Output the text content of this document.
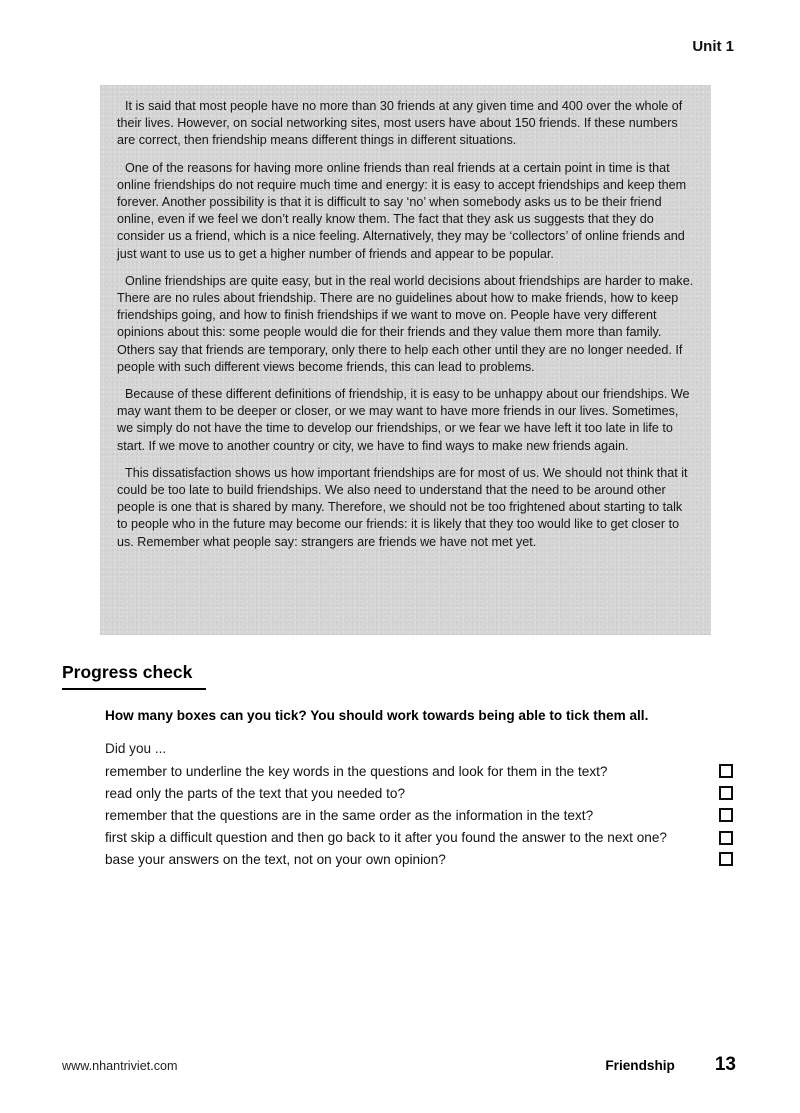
Unit 1

It is said that most people have no more than 30 friends at any given time and 400 over the whole of their lives. However, on social networking sites, most users have about 150 friends. If these numbers are correct, then friendship means different things in different situations.

One of the reasons for having more online friends than real friends at a certain point in time is that online friendships do not require much time and energy: it is easy to accept friendships and keep them forever. Another possibility is that it is difficult to say ‘no’ when somebody asks us to be their friend online, even if we feel we don’t really know them. The fact that they ask us suggests that they do consider us a friend, which is a nice feeling. Alternatively, they may be ‘collectors’ of online friends and just want to use us to get a higher number of friends and appear to be popular.

Online friendships are quite easy, but in the real world decisions about friendships are harder to make. There are no rules about friendship. There are no guidelines about how to make friends, how to keep friendships going, and how to finish friendships if we want to move on. People have very different opinions about this: some people would die for their friends and they value them more than family. Others say that friends are temporary, only there to help each other until they are no longer needed. If people with such different views become friends, this can lead to problems.

Because of these different definitions of friendship, it is easy to be unhappy about our friendships. We may want them to be deeper or closer, or we may want to have more friends in our lives. Sometimes, we simply do not have the time to develop our friendships, or we fear we have left it too late in life to start. If we move to another country or city, we have to find ways to make new friends again.

This dissatisfaction shows us how important friendships are for most of us. We should not think that it could be too late to build friendships. We also need to understand that the need to be around other people is one that is shared by many. Therefore, we should not be too frightened about starting to talk to people who in the future may become our friends: it is likely that they too would like to get closer to us. Remember what people say: strangers are friends we have not met yet.

Progress check

How many boxes can you tick? You should work towards being able to tick them all.

Did you ...

remember to underline the key words in the questions and look for them in the text?
read only the parts of the text that you needed to?
remember that the questions are in the same order as the information in the text?
first skip a difficult question and then go back to it after you found the answer to the next one?
base your answers on the text, not on your own opinion?
www.nhantriviet.com	Friendship 13
